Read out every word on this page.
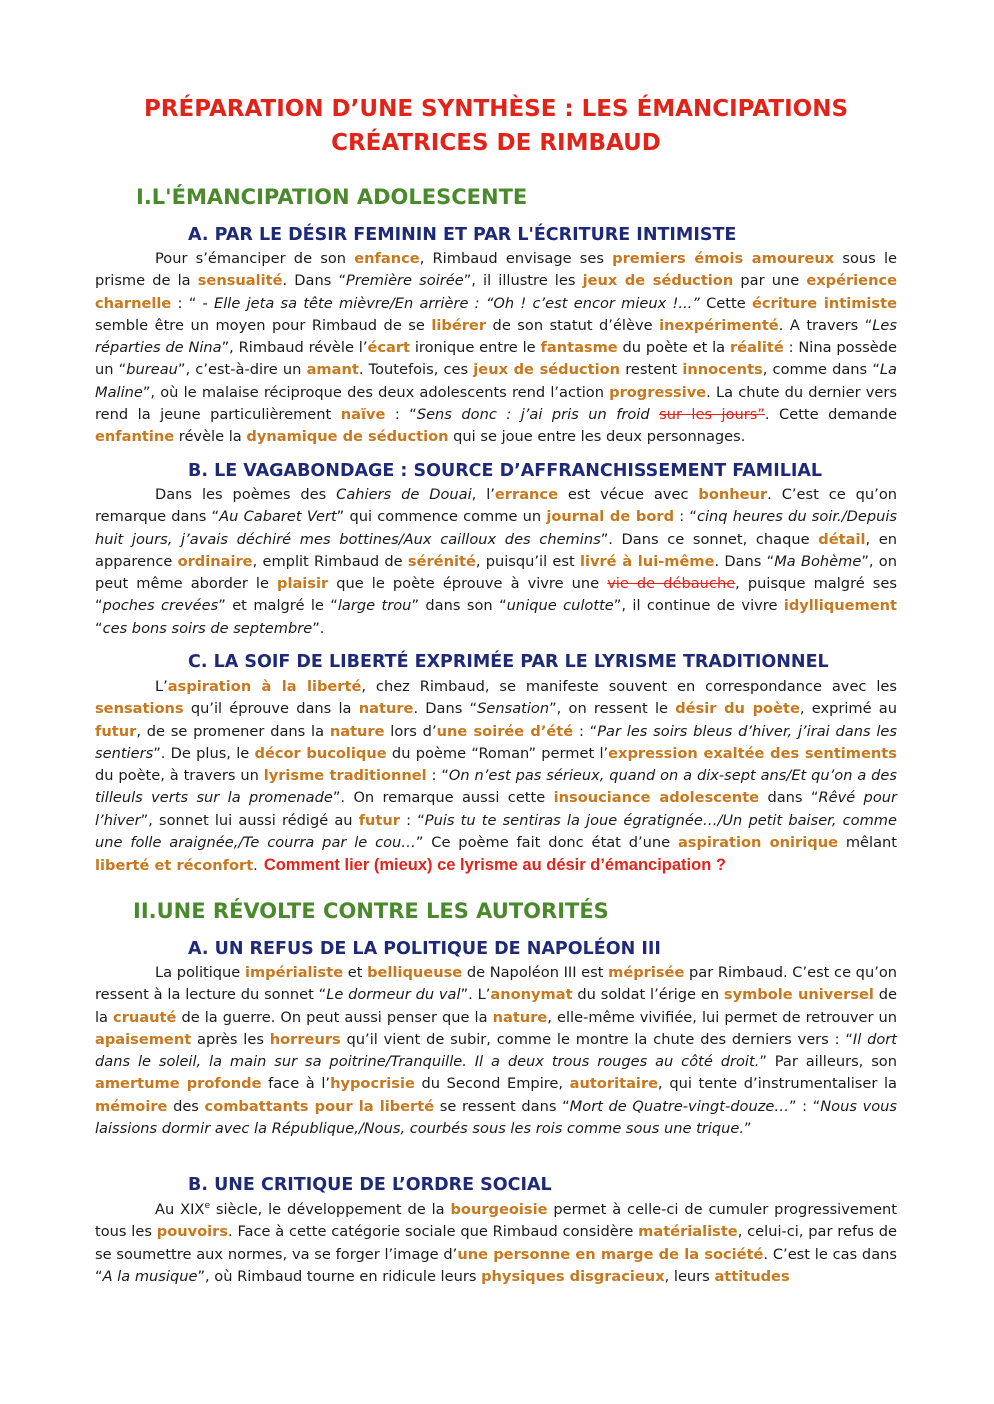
PRÉPARATION D’UNE SYNTHÈSE : LES ÉMANCIPATIONS
CRÉATRICES DE RIMBAUD
I.L'ÉMANCIPATION ADOLESCENTE
A. PAR LE DÉSIR FEMININ ET PAR L'ÉCRITURE INTIMISTE

Pour s’émanciper de son enfance, Rimbaud envisage ses premiers émois amoureux sous le prisme de la sensualité. Dans “Première soirée”, il illustre les jeux de séduction par une expérience charnelle : “ - Elle jeta sa tête mièvre/En arrière : “Oh ! c’est encor mieux !...” Cette écriture intimiste semble être un moyen pour Rimbaud de se libérer de son statut d’élève inexpérimenté. A travers “Les réparties de Nina”, Rimbaud révèle l’écart ironique entre le fantasme du poète et la réalité : Nina possède un “bureau”, c’est-à-dire un amant. Toutefois, ces jeux de séduction restent innocents, comme dans “La Maline”, où le malaise réciproque des deux adolescents rend l’action progressive. La chute du dernier vers rend la jeune particulièrement naïve : “Sens donc : j’ai pris un froid sur les jours”. Cette demande enfantine révèle la dynamique de séduction qui se joue entre les deux personnages.

B. LE VAGABONDAGE : SOURCE D’AFFRANCHISSEMENT FAMILIAL

Dans les poèmes des Cahiers de Douai, l’errance est vécue avec bonheur. C’est ce qu’on remarque dans “Au Cabaret Vert” qui commence comme un journal de bord : “cinq heures du soir./Depuis huit jours, j’avais déchiré mes bottines/Aux cailloux des chemins”. Dans ce sonnet, chaque détail, en apparence ordinaire, emplit Rimbaud de sérénité, puisqu’il est livré à lui-même. Dans “Ma Bohème”, on peut même aborder le plaisir que le poète éprouve à vivre une vie de débauche, puisque malgré ses “poches crevées” et malgré le “large trou” dans son “unique culotte”, il continue de vivre idylliquement “ces bons soirs de septembre”.

C. LA SOIF DE LIBERTÉ EXPRIMÉE PAR LE LYRISME TRADITIONNEL

L’aspiration à la liberté, chez Rimbaud, se manifeste souvent en correspondance avec les sensations qu’il éprouve dans la nature. Dans “Sensation”, on ressent le désir du poète, exprimé au futur, de se promener dans la nature lors d’une soirée d’été : “Par les soirs bleus d’hiver, j’irai dans les sentiers”. De plus, le décor bucolique du poème “Roman” permet l’expression exaltée des sentiments du poète, à travers un lyrisme traditionnel : “On n’est pas sérieux, quand on a dix-sept ans/Et qu’on a des tilleuls verts sur la promenade”. On remarque aussi cette insouciance adolescente dans “Rêvé pour l’hiver”, sonnet lui aussi rédigé au futur : “Puis tu te sentiras la joue égratignée…/Un petit baiser, comme une folle araignée,/Te courra par le cou…” Ce poème fait donc état d’une aspiration onirique mêlant liberté et réconfort. Comment lier (mieux) ce lyrisme au désir d’émancipation ?

II.UNE RÉVOLTE CONTRE LES AUTORITÉS
A. UN REFUS DE LA POLITIQUE DE NAPOLÉON III

La politique impérialiste et belliqueuse de Napoléon III est méprisée par Rimbaud. C’est ce qu’on ressent à la lecture du sonnet “Le dormeur du val”. L’anonymat du soldat l’érige en symbole universel de la cruauté de la guerre. On peut aussi penser que la nature, elle-même vivifiée, lui permet de retrouver un apaisement après les horreurs qu’il vient de subir, comme le montre la chute des derniers vers : “Il dort dans le soleil, la main sur sa poitrine/Tranquille. Il a deux trous rouges au côté droit.” Par ailleurs, son amertume profonde face à l’hypocrisie du Second Empire, autoritaire, qui tente d’instrumentaliser la mémoire des combattants pour la liberté se ressent dans “Mort de Quatre-vingt-douze…” : “Nous vous laissions dormir avec la République,/Nous, courbés sous les rois comme sous une trique.”

B. UNE CRITIQUE DE L’ORDRE SOCIAL

Au XIXe siècle, le développement de la bourgeoisie permet à celle-ci de cumuler progressivement tous les pouvoirs. Face à cette catégorie sociale que Rimbaud considère matérialiste, celui-ci, par refus de se soumettre aux normes, va se forger l’image d’une personne en marge de la société. C’est le cas dans “A la musique”, où Rimbaud tourne en ridicule leurs physiques disgracieux, leurs attitudes
